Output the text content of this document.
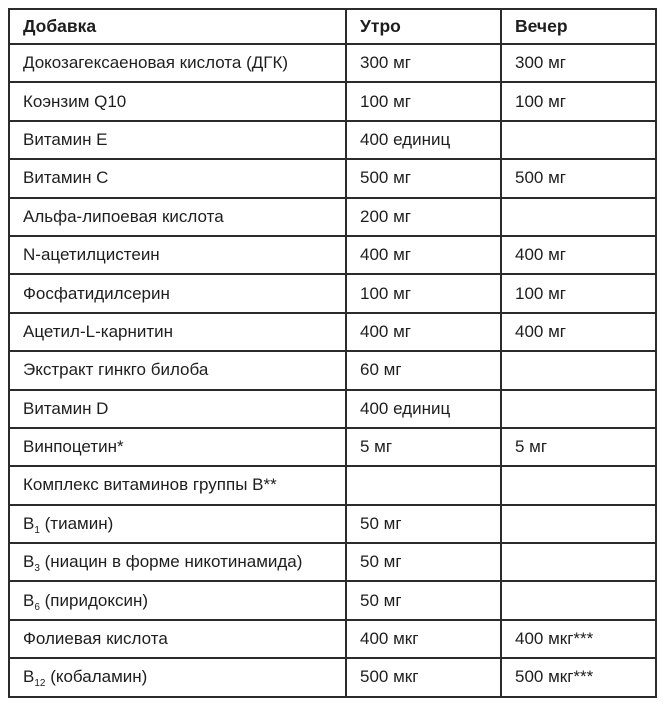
Добавка	Утро	Вечер
Докозагексаеновая кислота (ДГК)	300 мг	300 мг
Коэнзим Q10	100 мг	100 мг
Витамин E	400 единиц	
Витамин C	500 мг	500 мг
Альфа-липоевая кислота	200 мг	
N-ацетилцистеин	400 мг	400 мг
Фосфатидилсерин	100 мг	100 мг
Ацетил-L-карнитин	400 мг	400 мг
Экстракт гинкго билоба	60 мг	
Витамин D	400 единиц	
Винпоцетин*	5 мг	5 мг
Комплекс витаминов группы B**		
$B_1$ (тиамин)	50 мг	
$B_3$ (ниацин в форме никотинамида)	50 мг	
$B_6$ (пиридоксин)	50 мг	
Фолиевая кислота	400 мкг	400 мкг***
$B_{12}$ (кобаламин)	500 мкг	500 мкг***
